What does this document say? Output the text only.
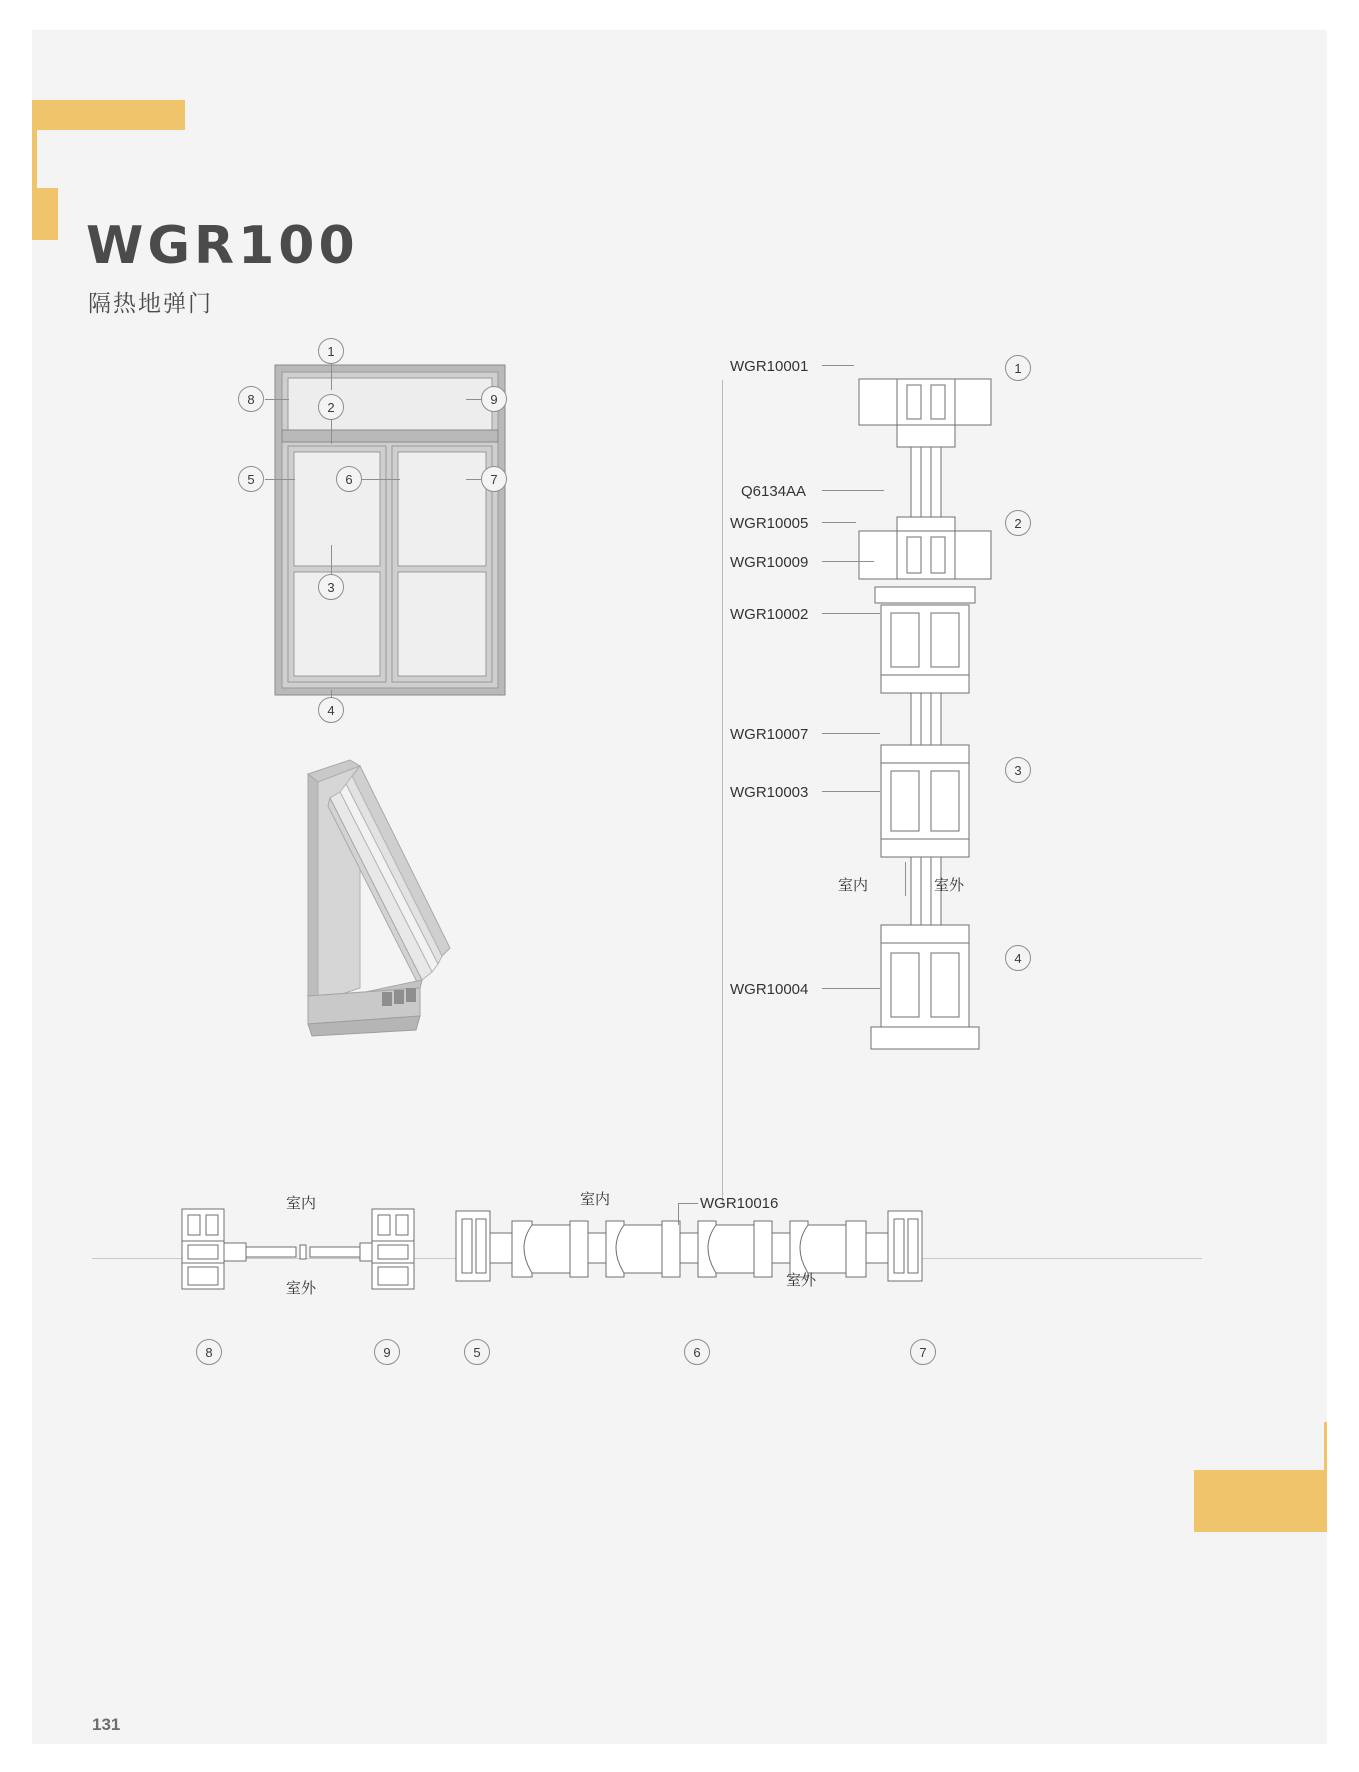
WGR100
隔热地弹门
1
2
3
4
5	6	7
8	9
WGR10001
Q6134AA
WGR10005
WGR10009
WGR10002
WGR10007
WGR10003
WGR10004
室内	室外
1
2
3
4
室内
室外
室内
室外
WGR10016
8	9	5	6	7
131
